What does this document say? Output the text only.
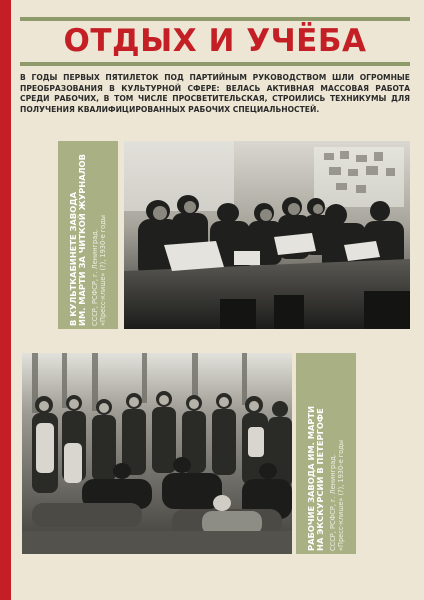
ОТДЫХ И УЧЁБА

В ГОДЫ ПЕРВЫХ ПЯТИЛЕТОК ПОД ПАРТИЙНЫМ РУКОВОДСТВОМ ШЛИ ОГРОМНЫЕ ПРЕОБРАЗОВАНИЯ В КУЛЬТУРНОЙ СФЕРЕ: ВЕЛАСЬ АКТИВНАЯ МАССОВАЯ РАБОТА СРЕДИ РАБОЧИХ, В ТОМ ЧИСЛЕ ПРОСВЕТИТЕЛЬСКАЯ, СТРОИЛИСЬ ТЕХНИКУМЫ ДЛЯ ПОЛУЧЕНИЯ КВАЛИФИЦИРОВАННЫХ РАБОЧИХ СПЕЦИАЛЬНОСТЕЙ.

В КУЛЬТКАБИНЕТЕ ЗАВОДА
ИМ. МАРТИ ЗА ЧИТКОЙ ЖУРНАЛОВ
СССР, РСФСР, г. Ленинград.
«Пресс-клише» (?), 1930-е годы
РАБОЧИЕ ЗАВОДА ИМ. МАРТИ
НА ЭКСКУРСИИ В ПЕТЕРГОФЕ
СССР, РСФСР, г. Ленинград.
«Пресс-клише» (?), 1930-е годы
